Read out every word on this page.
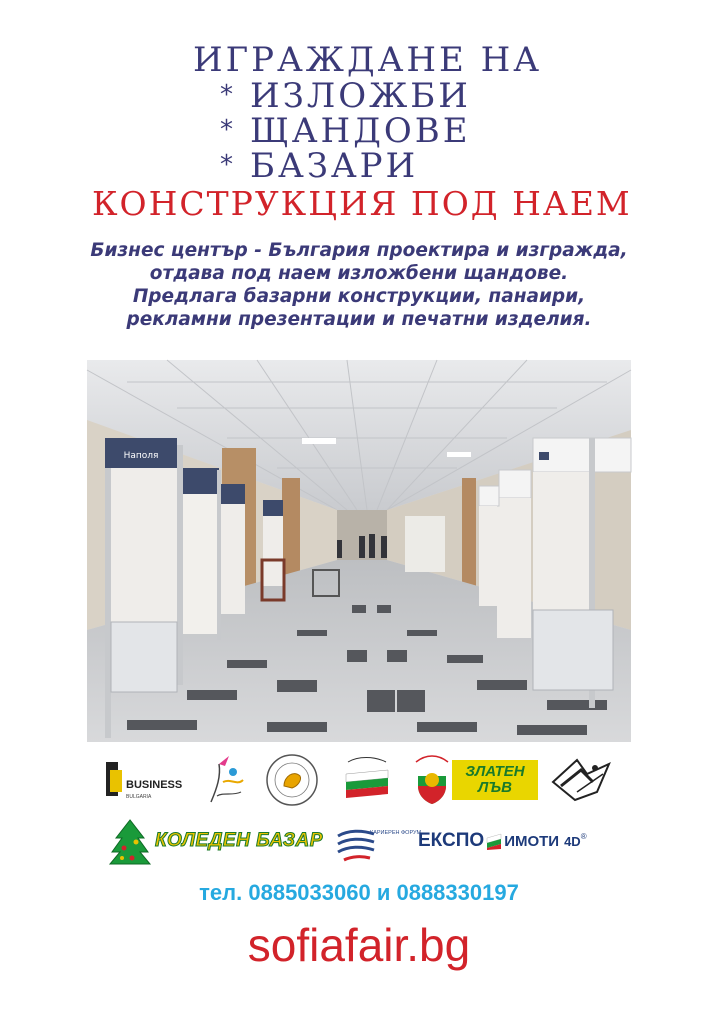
ИГРАЖДАНЕ НА
* ИЗЛОЖБИ
* ЩАНДОВЕ
* БАЗАРИ
КОНСТРУКЦИЯ ПОД НАЕМ
Бизнес център - България проектира и изгражда,
отдава под наем изложбени щандове.
Предлага базарни конструкции, панаири,
рекламни презентации и печатни изделия.
Наполя
BUSINESS
BULGARIA
ЗЛАТЕН ЛЪВ
КОЛЕДЕН БАЗАР	КАРИЕРЕН ФОРУМ
ЕКСПО ИМОТИ 4D ®
тел. 0885033060 и 0888330197
sofiafair.bg
